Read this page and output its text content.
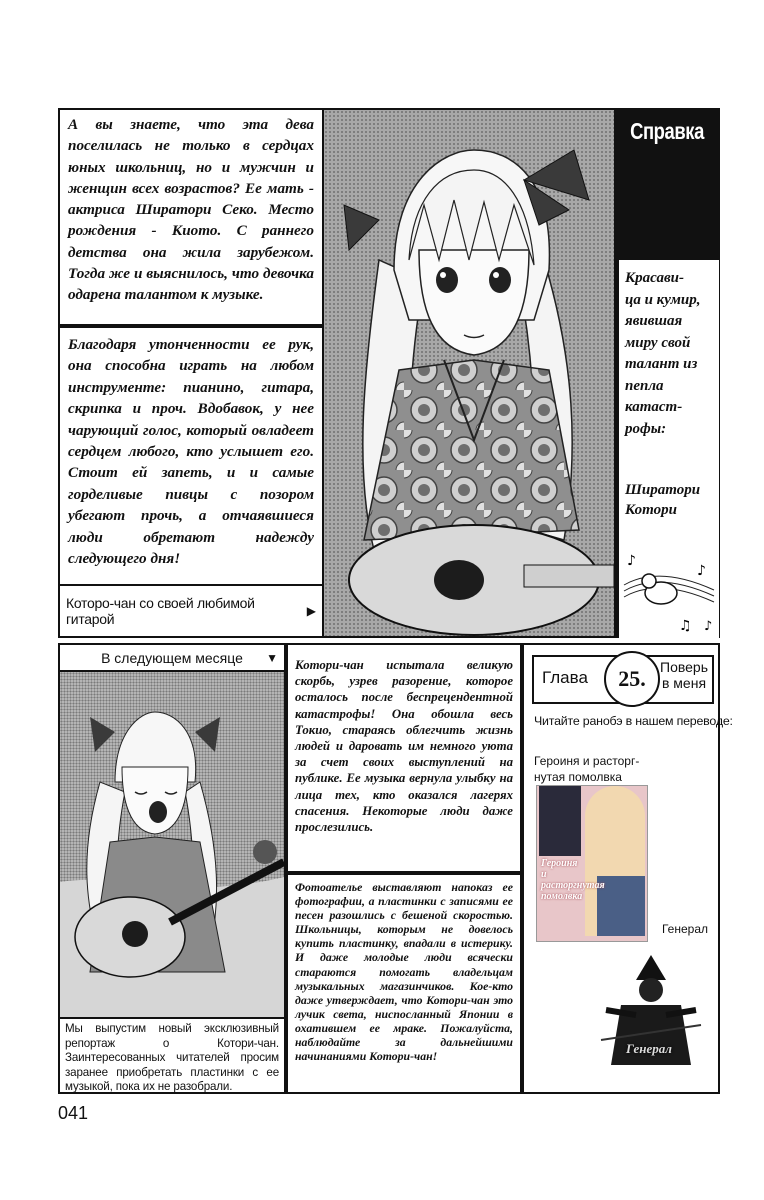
А вы знаете, что эта дева поселилась не только в сердцах юных школьниц, но и мужчин и женщин всех возрастов? Ее мать - актриса Ширатори Секо. Место рождения - Киото. С раннего детства она жила зарубежом. Тогда же и выяснилось, что девочка одарена талантом к музыке.
Благодаря утонченности ее рук, она способна играть на любом инструменте: пианино, гитара, скрипка и проч. Вдобавок, у нее чарующий голос, который овладеет сердцем любого, кто услышет его. Стоит ей запеть, и и самые горделивые пивцы с позором убегают прочь, а отчаявшиеся люди обретают надежду следующего дня!
Которо-чан со своей любимой гитарой	▶
Справка
Красави-
ца и кумир,
явившая
миру свой
талант из
пепла
катаст-
рофы:
Ширатори
Котори
♪
♪
♫ ♪
В следующем месяце ▼
Мы выпустим новый эксклюзивный репортаж о Котори-чан. Заинтересованных читателей просим заранее приобретать пластинки с ее музыкой, пока их не разобрали.
Котори-чан испытала великую скорбь, узрев разорение, которое осталось после беспрецендентной катастрофы! Она обошла весь Токио, стараясь облегчить жизнь людей и даровать им немного уюта за счет своих выступлений на публике. Ее музыка вернула улыбку на лица тех, кто оказался лагерях спасения. Некоторые люди даже прослезились.
Фотоателье выставляют напоказ ее фотографии, а пластинки с записями ее песен разошлись с бешеной скоростью. Школьницы, которым не довелось купить пластинку, впадали в истерику. И даже молодые люди всячески стараются помогать владельцам музыкальных магазинчиков. Кое-кто даже утверждает, что Котори-чан это лучик света, ниспосланный Японии в охатившем ее мраке. Пожалуйста, наблюдайте за дальнейшими начинаниями Котори-чан!
Глава 25. Поверь
в меня
Читайте ранобэ в нашем переводе:
Героиня и расторг-
нутая помолвка
Героиня
и
расторгнутая
помолвка
Генерал
Генерал
041
